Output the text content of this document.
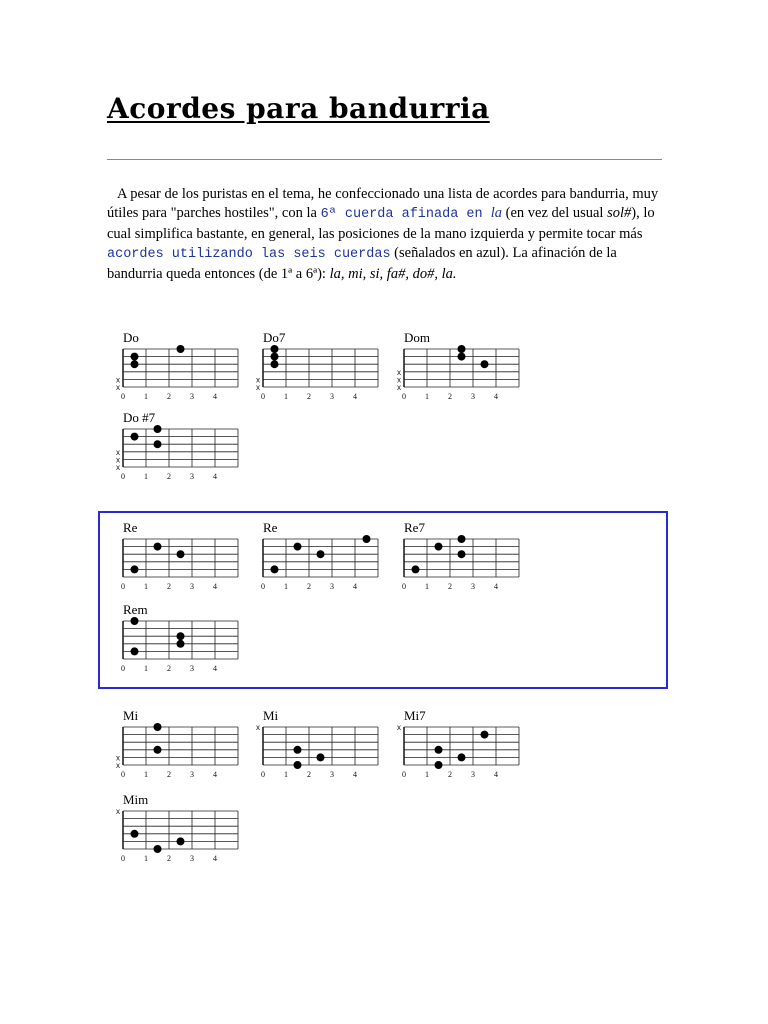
Acordes para bandurria

A pesar de los puristas en el tema, he confeccionado una lista de acordes para bandurria, muy útiles para "parches hostiles", con la 6ª cuerda afinada en la (en vez del usual sol#), lo cual simplifica bastante, en general, las posiciones de la mano izquierda y permite tocar más acordes utilizando las seis cuerdas (señalados en azul). La afinación de la bandurria queda entonces (de 1ª a 6ª): la, mi, si, fa#, do#, la.

Do
0 1 2 3 4
x
x
Do7
0 1 2 3 4
x
x
Dom
0 1 2 3 4
x
x
x
Do #7
0 1 2 3 4
x
x
x
Re
0 1 2 3 4
Re
0 1 2 3 4
Re7
0 1 2 3 4
Rem
0 1 2 3 4
Mi
0 1 2 3 4
x
x
Mi
0 1 2 3 4
x
Mi7
0 1 2 3 4
x
Mim
0 1 2 3 4
x
